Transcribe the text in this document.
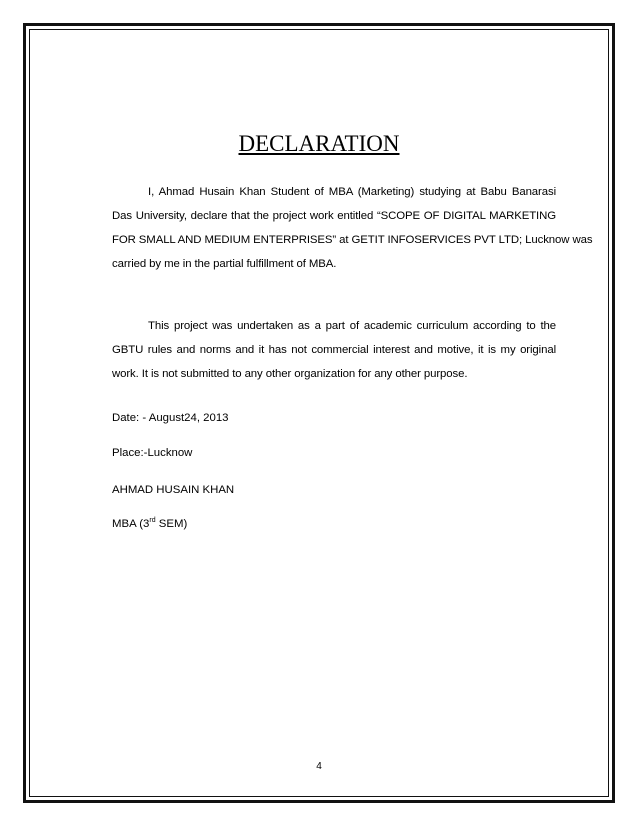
DECLARATION

I, Ahmad Husain Khan Student of MBA (Marketing) studying at Babu Banarasi
Das University, declare that the project work entitled “SCOPE OF DIGITAL MARKETING
FOR SMALL AND MEDIUM ENTERPRISES” at GETIT INFOSERVICES PVT LTD; Lucknow was
carried by me in the partial fulfillment of MBA.

This project was undertaken as a part of academic curriculum according to the
GBTU rules and norms and it has not commercial interest and motive, it is my original
work. It is not submitted to any other organization for any other purpose.

Date: - August24, 2013
Place:-Lucknow
AHMAD HUSAIN KHAN
MBA (3rd SEM)
4
